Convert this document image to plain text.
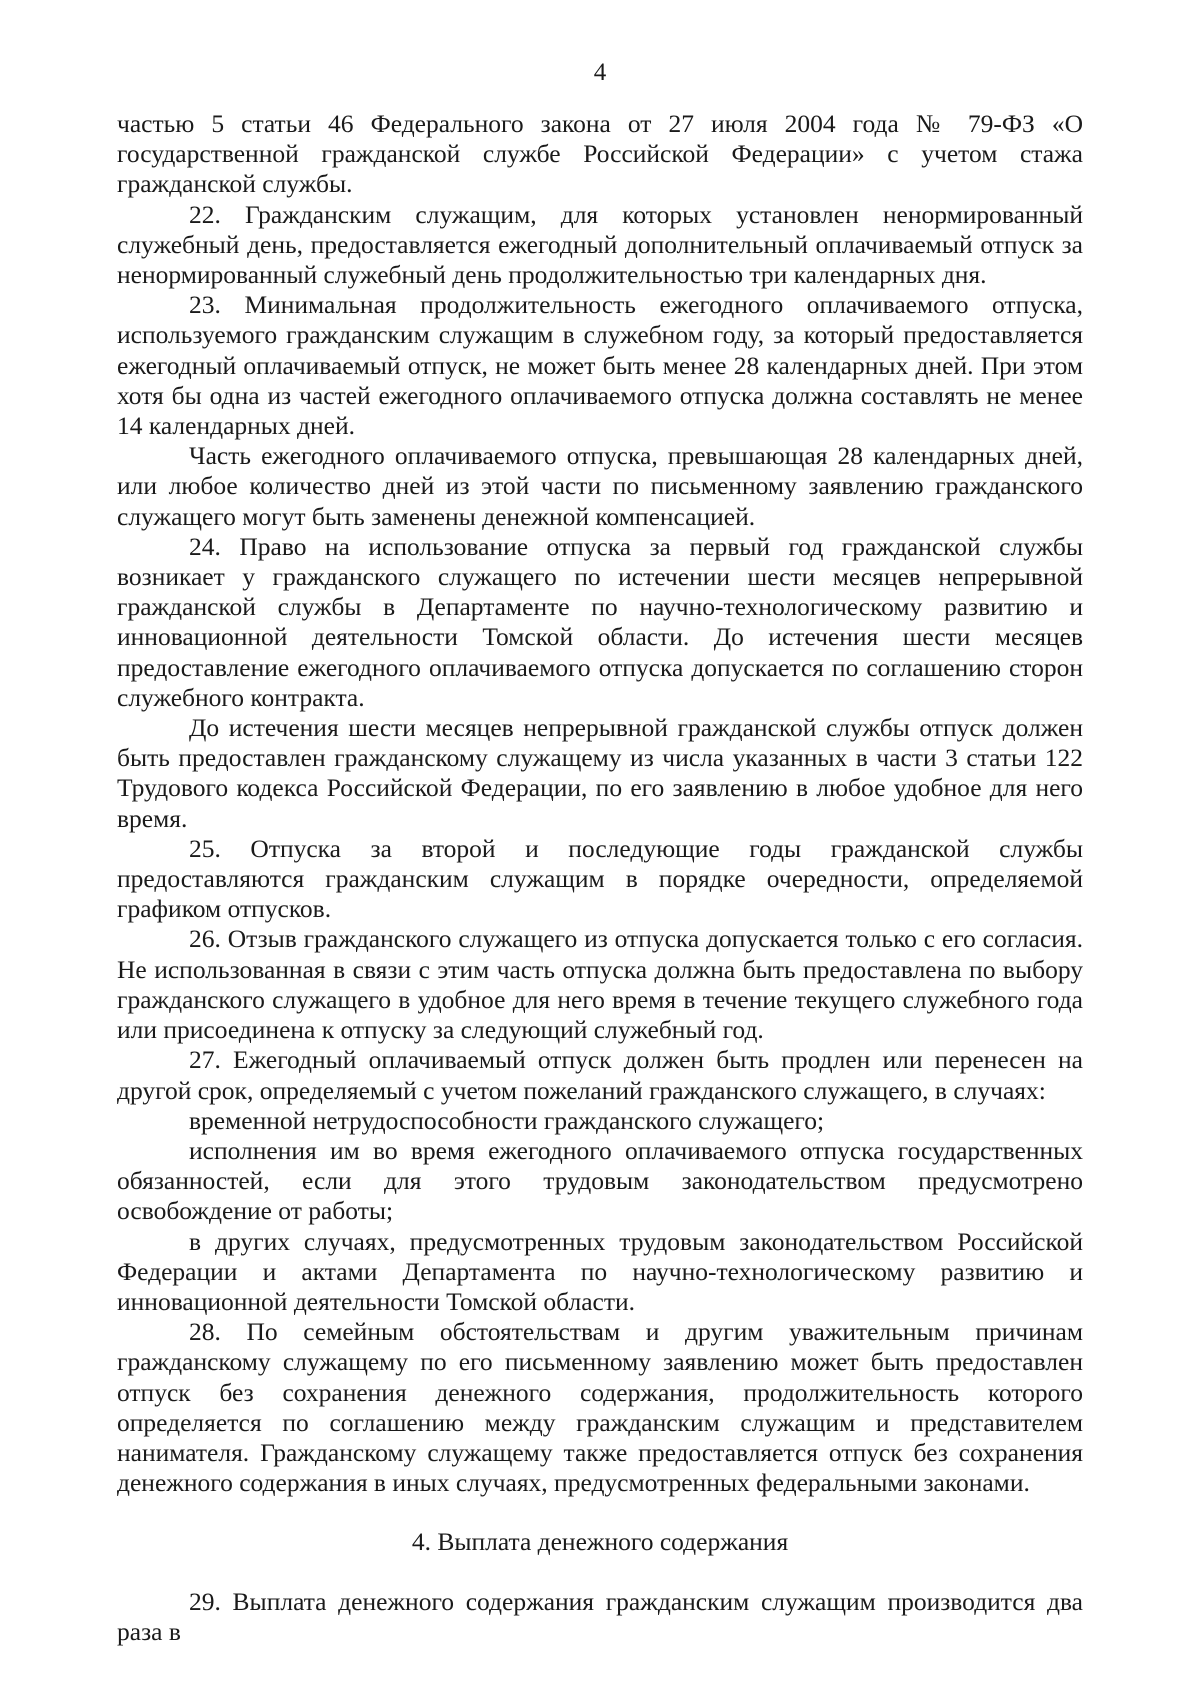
4

частью 5 статьи 46 Федерального закона от 27 июля 2004 года № 79-ФЗ «О государственной гражданской службе Российской Федерации» с учетом стажа гражданской службы.

22. Гражданским служащим, для которых установлен ненормированный служебный день, предоставляется ежегодный дополнительный оплачиваемый отпуск за ненормированный служебный день продолжительностью три календарных дня.

23. Минимальная продолжительность ежегодного оплачиваемого отпуска, используемого гражданским служащим в служебном году, за который предоставляется ежегодный оплачиваемый отпуск, не может быть менее 28 календарных дней. При этом хотя бы одна из частей ежегодного оплачиваемого отпуска должна составлять не менее 14 календарных дней.

Часть ежегодного оплачиваемого отпуска, превышающая 28 календарных дней, или любое количество дней из этой части по письменному заявлению гражданского служащего могут быть заменены денежной компенсацией.

24. Право на использование отпуска за первый год гражданской службы возникает у гражданского служащего по истечении шести месяцев непрерывной гражданской службы в Департаменте по научно-технологическому развитию и инновационной деятельности Томской области. До истечения шести месяцев предоставление ежегодного оплачиваемого отпуска допускается по соглашению сторон служебного контракта.

До истечения шести месяцев непрерывной гражданской службы отпуск должен быть предоставлен гражданскому служащему из числа указанных в части 3 статьи 122 Трудового кодекса Российской Федерации, по его заявлению в любое удобное для него время.

25. Отпуска за второй и последующие годы гражданской службы предоставляются гражданским служащим в порядке очередности, определяемой графиком отпусков.

26. Отзыв гражданского служащего из отпуска допускается только с его согласия. Не использованная в связи с этим часть отпуска должна быть предоставлена по выбору гражданского служащего в удобное для него время в течение текущего служебного года или присоединена к отпуску за следующий служебный год.

27. Ежегодный оплачиваемый отпуск должен быть продлен или перенесен на другой срок, определяемый с учетом пожеланий гражданского служащего, в случаях:

временной нетрудоспособности гражданского служащего;

исполнения им во время ежегодного оплачиваемого отпуска государственных обязанностей, если для этого трудовым законодательством предусмотрено освобождение от работы;

в других случаях, предусмотренных трудовым законодательством Российской Федерации и актами Департамента по научно-технологическому развитию и инновационной деятельности Томской области.

28. По семейным обстоятельствам и другим уважительным причинам гражданскому служащему по его письменному заявлению может быть предоставлен отпуск без сохранения денежного содержания, продолжительность которого определяется по соглашению между гражданским служащим и представителем нанимателя. Гражданскому служащему также предоставляется отпуск без сохранения денежного содержания в иных случаях, предусмотренных федеральными законами.

4. Выплата денежного содержания

29. Выплата денежного содержания гражданским служащим производится два раза в
